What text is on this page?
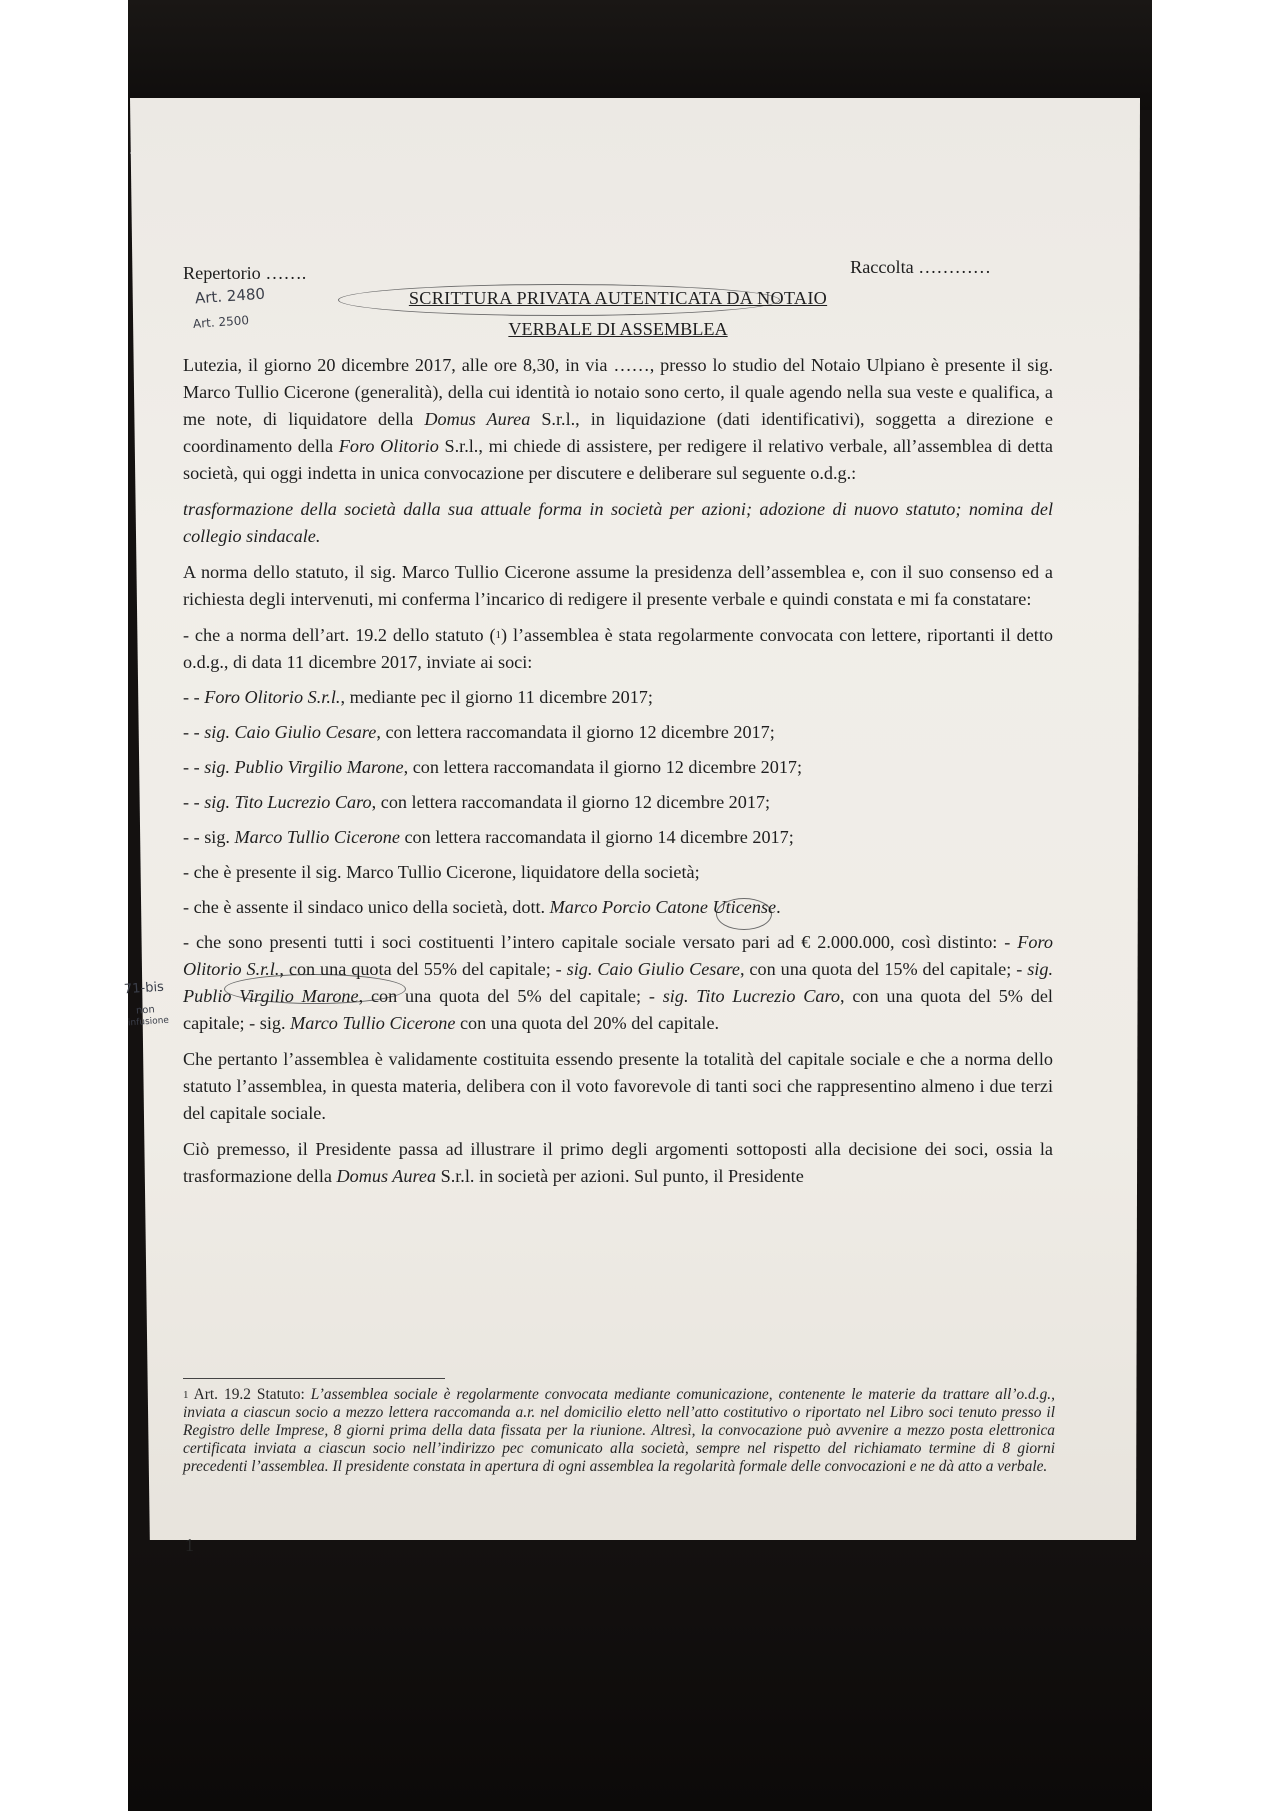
Art. 2480
Art. 2500
71-bis
non
infusione
Repertorio …….	Raccolta …………

SCRITTURA PRIVATA AUTENTICATA DA NOTAIO

VERBALE DI ASSEMBLEA

Lutezia, il giorno 20 dicembre 2017, alle ore 8,30, in via ……, presso lo studio del Notaio Ulpiano è presente il sig. Marco Tullio Cicerone (generalità), della cui identità io notaio sono certo, il quale agendo nella sua veste e qualifica, a me note, di liquidatore della Domus Aurea S.r.l., in liquidazione (dati identificativi), soggetta a direzione e coordinamento della Foro Olitorio S.r.l., mi chiede di assistere, per redigere il relativo verbale, all’assemblea di detta società, qui oggi indetta in unica convocazione per discutere e deliberare sul seguente o.d.g.:

trasformazione della società dalla sua attuale forma in società per azioni; adozione di nuovo statuto; nomina del collegio sindacale.

A norma dello statuto, il sig. Marco Tullio Cicerone assume la presidenza dell’assemblea e, con il suo consenso ed a richiesta degli intervenuti, mi conferma l’incarico di redigere il presente verbale e quindi constata e mi fa constatare:

- che a norma dell’art. 19.2 dello statuto ($^1$) l’assemblea è stata regolarmente convocata con lettere, riportanti il detto o.d.g., di data 11 dicembre 2017, inviate ai soci:

- - Foro Olitorio S.r.l., mediante pec il giorno 11 dicembre 2017;

- - sig. Caio Giulio Cesare, con lettera raccomandata il giorno 12 dicembre 2017;

- - sig. Publio Virgilio Marone, con lettera raccomandata il giorno 12 dicembre 2017;

- - sig. Tito Lucrezio Caro, con lettera raccomandata il giorno 12 dicembre 2017;

- - sig. Marco Tullio Cicerone con lettera raccomandata il giorno 14 dicembre 2017;

- che è presente il sig. Marco Tullio Cicerone, liquidatore della società;

- che è assente il sindaco unico della società, dott. Marco Porcio Catone Uticense.

- che sono presenti tutti i soci costituenti l’intero capitale sociale versato pari ad € 2.000.000, così distinto: - Foro Olitorio S.r.l., con una quota del 55% del capitale; - sig. Caio Giulio Cesare, con una quota del 15% del capitale; - sig. Publio Virgilio Marone, con una quota del 5% del capitale; - sig. Tito Lucrezio Caro, con una quota del 5% del capitale; - sig. Marco Tullio Cicerone con una quota del 20% del capitale.

Che pertanto l’assemblea è validamente costituita essendo presente la totalità del capitale sociale e che a norma dello statuto l’assemblea, in questa materia, delibera con il voto favorevole di tanti soci che rappresentino almeno i due terzi del capitale sociale.

Ciò premesso, il Presidente passa ad illustrare il primo degli argomenti sottoposti alla decisione dei soci, ossia la trasformazione della Domus Aurea S.r.l. in società per azioni. Sul punto, il Presidente

$^1$ Art. 19.2 Statuto: L’assemblea sociale è regolarmente convocata mediante comunicazione, contenente le materie da trattare all’o.d.g., inviata a ciascun socio a mezzo lettera raccomanda a.r. nel domicilio eletto nell’atto costitutivo o riportato nel Libro soci tenuto presso il Registro delle Imprese, 8 giorni prima della data fissata per la riunione. Altresì, la convocazione può avvenire a mezzo posta elettronica certificata inviata a ciascun socio nell’indirizzo pec comunicato alla società, sempre nel rispetto del richiamato termine di 8 giorni precedenti l’assemblea. Il presidente constata in apertura di ogni assemblea la regolarità formale delle convocazioni e ne dà atto a verbale.
1
